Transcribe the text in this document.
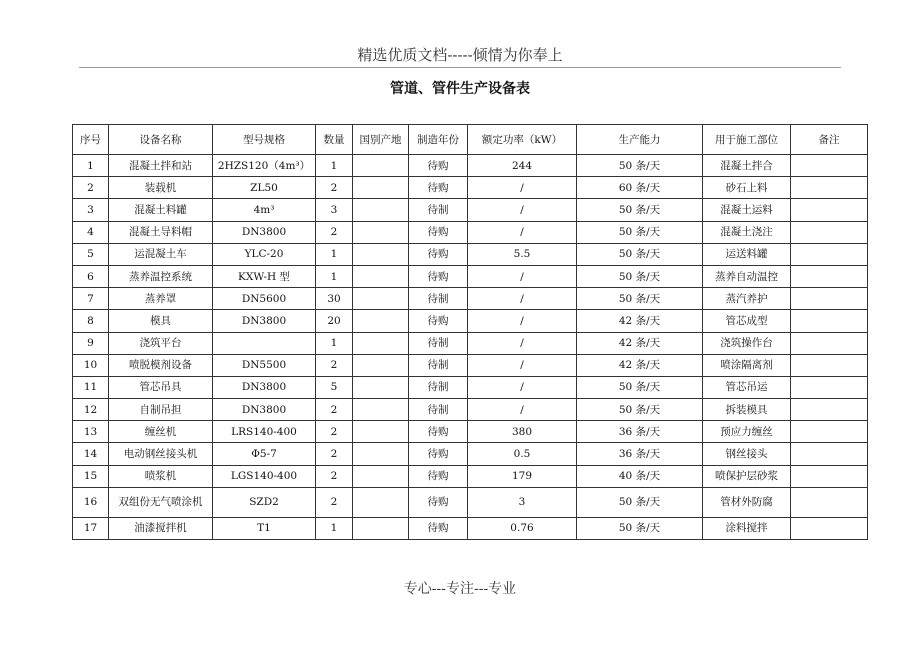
精选优质文档-----倾情为你奉上
管道、管件生产设备表
序号	设备名称	型号规格	数量	国别产地	制造年份	额定功率（kW）	生产能力	用于施工部位	备注
1	混凝土拌和站	2HZS120（4m³）	1		待购	244	50 条/天	混凝土拌合	
2	装载机	ZL50	2		待购	/	60 条/天	砂石上料	
3	混凝土料罐	4m³	3		待制	/	50 条/天	混凝土运料	
4	混凝土导料帽	DN3800	2		待购	/	50 条/天	混凝土浇注	
5	运混凝土车	YLC-20	1		待购	5.5	50 条/天	运送料罐	
6	蒸养温控系统	KXW-H 型	1		待购	/	50 条/天	蒸养自动温控	
7	蒸养罩	DN5600	30		待制	/	50 条/天	蒸汽养护	
8	模具	DN3800	20		待购	/	42 条/天	管芯成型	
9	浇筑平台		1		待制	/	42 条/天	浇筑操作台	
10	喷脱模剂设备	DN5500	2		待制	/	42 条/天	喷涂隔离剂	
11	管芯吊具	DN3800	5		待制	/	50 条/天	管芯吊运	
12	自制吊担	DN3800	2		待制	/	50 条/天	拆装模具	
13	缠丝机	LRS140-400	2		待购	380	36 条/天	预应力缠丝	
14	电动钢丝接头机	Φ5-7	2		待购	0.5	36 条/天	钢丝接头	
15	喷浆机	LGS140-400	2		待购	179	40 条/天	喷保护层砂浆	
16	双组份无气喷涂机	SZD2	2		待购	3	50 条/天	管材外防腐	
17	油漆搅拌机	T1	1		待购	0.76	50 条/天	涂料搅拌	
专心---专注---专业
